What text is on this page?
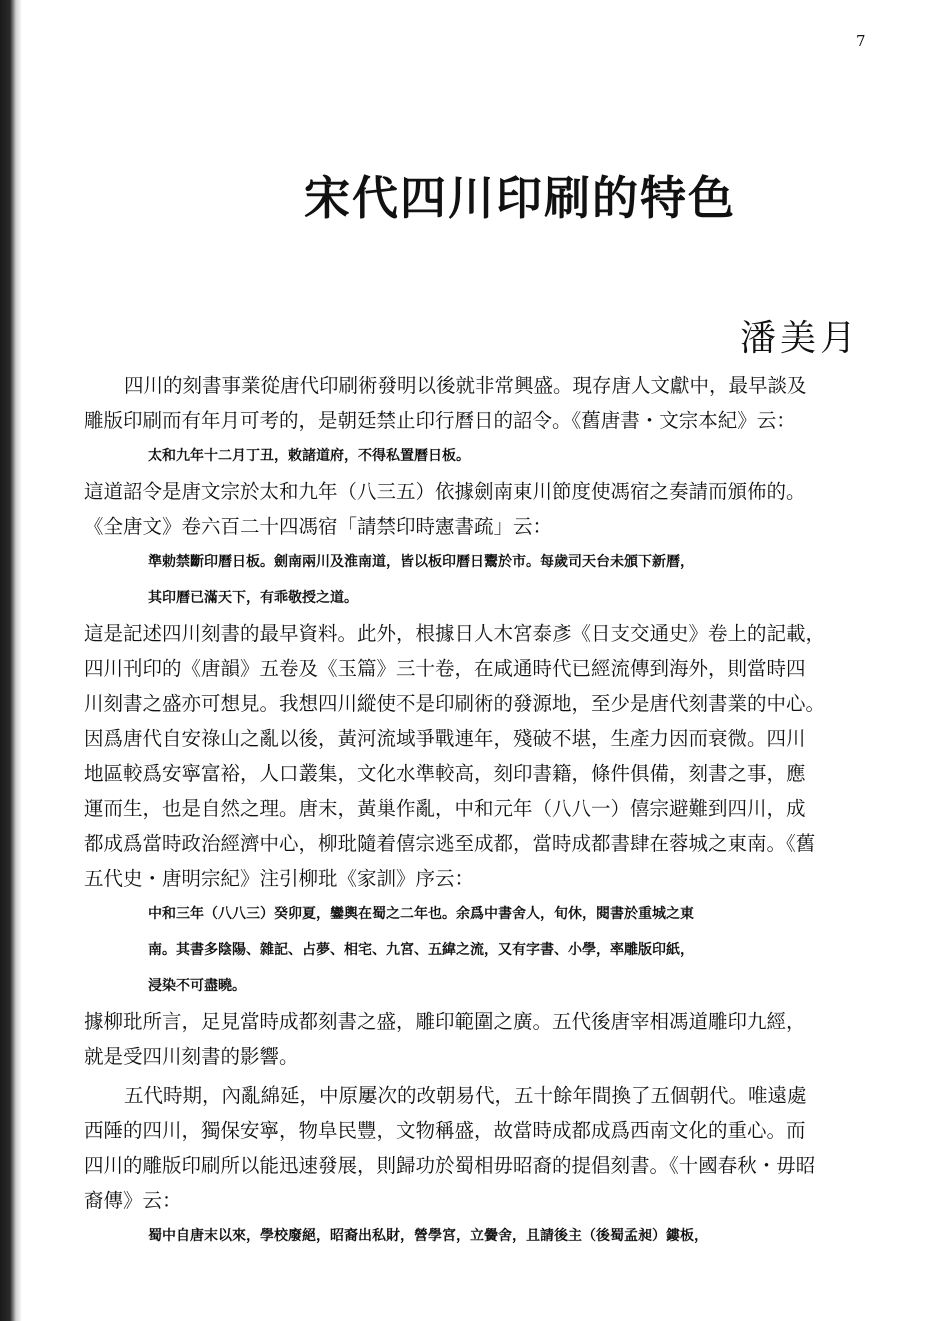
7
宋代四川印刷的特色
潘美月
四川的刻書事業從唐代印刷術發明以後就非常興盛。現存唐人文獻中，最早談及
雕版印刷而有年月可考的，是朝廷禁止印行曆日的詔令。《舊唐書・文宗本紀》云：
太和九年十二月丁丑，敕諸道府，不得私置曆日板。
這道詔令是唐文宗於太和九年（八三五）依據劍南東川節度使馮宿之奏請而頒佈的。
《全唐文》卷六百二十四馮宿「請禁印時憲書疏」云：
準勅禁斷印曆日板。劍南兩川及淮南道，皆以板印曆日鬻於市。每歲司天台未頒下新曆，
其印曆已滿天下，有乖敬授之道。
這是記述四川刻書的最早資料。此外，根據日人木宮泰彥《日支交通史》卷上的記載，
四川刊印的《唐韻》五卷及《玉篇》三十卷，在咸通時代已經流傳到海外，則當時四
川刻書之盛亦可想見。我想四川縱使不是印刷術的發源地，至少是唐代刻書業的中心。
因爲唐代自安祿山之亂以後，黃河流域爭戰連年，殘破不堪，生產力因而衰微。四川
地區較爲安寧富裕，人口叢集，文化水準較高，刻印書籍，條件俱備，刻書之事，應
運而生，也是自然之理。唐末，黃巢作亂，中和元年（八八一）僖宗避難到四川，成
都成爲當時政治經濟中心，柳玭隨着僖宗逃至成都，當時成都書肆在蓉城之東南。《舊
五代史・唐明宗紀》注引柳玭《家訓》序云：
中和三年（八八三）癸卯夏，鑾輿在蜀之二年也。余爲中書舍人，旬休，閱書於重城之東
南。其書多陰陽、雜記、占夢、相宅、九宮、五緯之流，又有字書、小學，率雕版印紙，
浸染不可盡曉。
據柳玭所言，足見當時成都刻書之盛，雕印範圍之廣。五代後唐宰相馮道雕印九經，
就是受四川刻書的影響。
五代時期，內亂綿延，中原屢次的改朝易代，五十餘年間換了五個朝代。唯遠處
西陲的四川，獨保安寧，物阜民豐，文物稱盛，故當時成都成爲西南文化的重心。而
四川的雕版印刷所以能迅速發展，則歸功於蜀相毋昭裔的提倡刻書。《十國春秋・毋昭
裔傳》云：
蜀中自唐末以來，學校廢絕，昭裔出私財，營學宮，立黌舍，且請後主（後蜀孟昶）鏤板，
